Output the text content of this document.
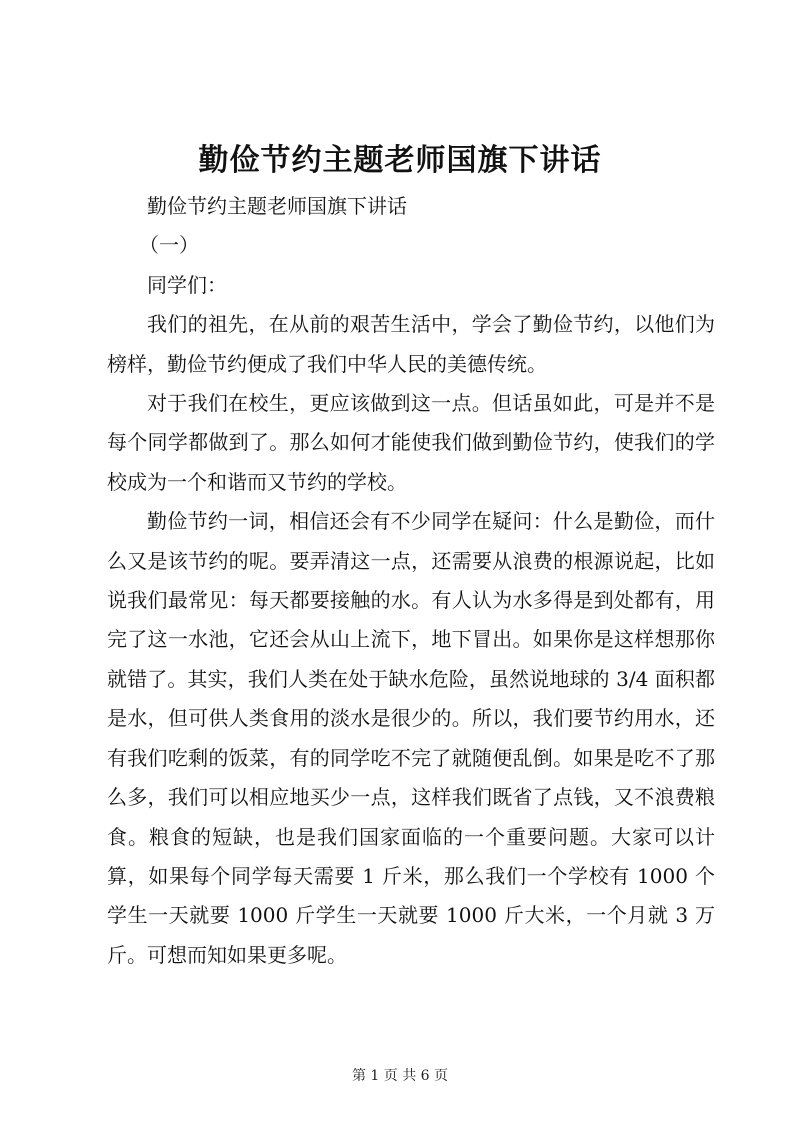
勤俭节约主题老师国旗下讲话

勤俭节约主题老师国旗下讲话

（一）

同学们：

我们的祖先，在从前的艰苦生活中，学会了勤俭节约，以他们为榜样，勤俭节约便成了我们中华人民的美德传统。

对于我们在校生，更应该做到这一点。但话虽如此，可是并不是每个同学都做到了。那么如何才能使我们做到勤俭节约，使我们的学校成为一个和谐而又节约的学校。

勤俭节约一词，相信还会有不少同学在疑问：什么是勤俭，而什么又是该节约的呢。要弄清这一点，还需要从浪费的根源说起，比如说我们最常见：每天都要接触的水。有人认为水多得是到处都有，用完了这一水池，它还会从山上流下，地下冒出。如果你是这样想那你就错了。其实，我们人类在处于缺水危险，虽然说地球的 3/4 面积都是水，但可供人类食用的淡水是很少的。所以，我们要节约用水，还有我们吃剩的饭菜，有的同学吃不完了就随便乱倒。如果是吃不了那么多，我们可以相应地买少一点，这样我们既省了点钱，又不浪费粮食。粮食的短缺，也是我们国家面临的一个重要问题。大家可以计算，如果每个同学每天需要 1 斤米，那么我们一个学校有 1000 个学生一天就要 1000 斤学生一天就要 1000 斤大米，一个月就 3 万斤。可想而知如果更多呢。

第 1 页 共 6 页
